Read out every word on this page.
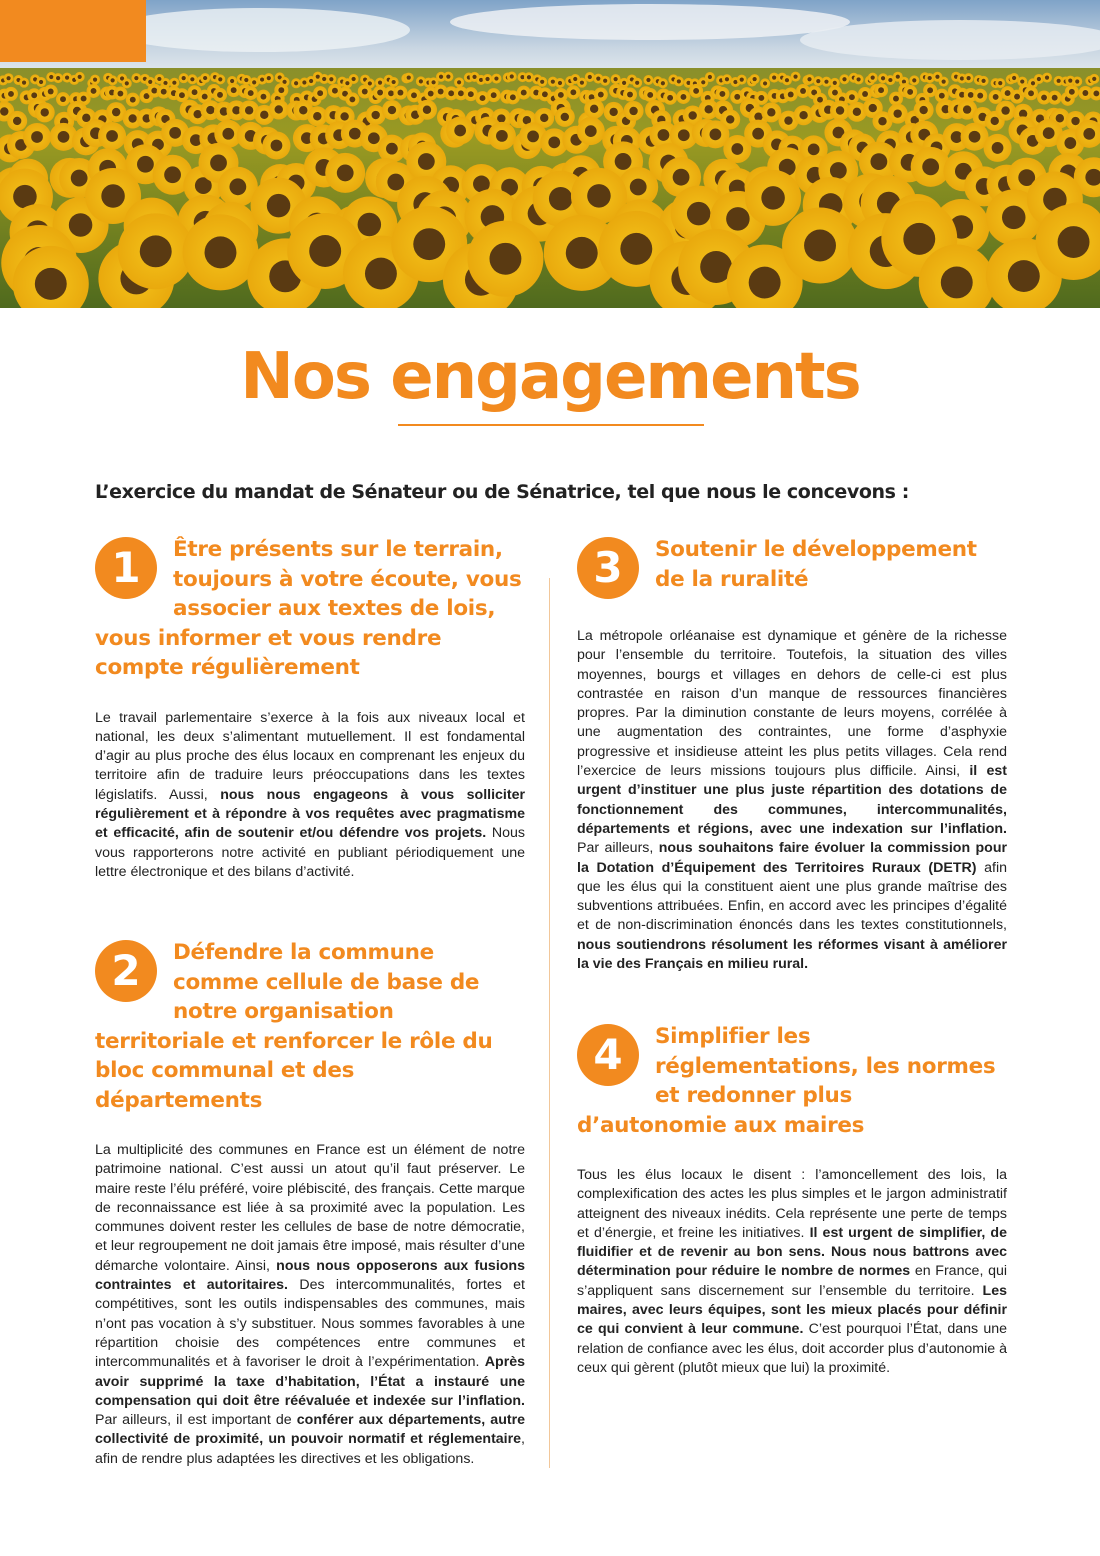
Nos engagements

L’exercice du mandat de Sénateur ou de Sénatrice, tel que nous le concevons :

1	Être présents sur le terrain, toujours à votre écoute, vous associer aux textes de lois, vous informer et vous rendre compte régulièrement

Le travail parlementaire s’exerce à la fois aux niveaux local et national, les deux s’alimentant mutuellement. Il est fondamental d’agir au plus proche des élus locaux en comprenant les enjeux du territoire afin de traduire leurs préoccupations dans les textes législatifs. Aussi, nous nous engageons à vous solliciter régulièrement et à répondre à vos requêtes avec pragmatisme et efficacité, afin de soutenir et/ou défendre vos projets. Nous vous rapporterons notre activité en publiant périodiquement une lettre électronique et des bilans d’activité.

2	Défendre la commune comme cellule de base de notre organisation territoriale et renforcer le rôle du bloc communal et des départements

La multiplicité des communes en France est un élément de notre patrimoine national. C’est aussi un atout qu’il faut préserver. Le maire reste l’élu préféré, voire plébiscité, des français. Cette marque de reconnaissance est liée à sa proximité avec la population. Les communes doivent rester les cellules de base de notre démocratie, et leur regroupement ne doit jamais être imposé, mais résulter d’une démarche volontaire. Ainsi, nous nous opposerons aux fusions contraintes et autoritaires. Des intercommunalités, fortes et compétitives, sont les outils indispensables des communes, mais n’ont pas vocation à s’y substituer. Nous sommes favorables à une répartition choisie des compétences entre communes et intercommunalités et à favoriser le droit à l’expérimentation. Après avoir supprimé la taxe d’habitation, l’État a instauré une compensation qui doit être réévaluée et indexée sur l’inflation. Par ailleurs, il est important de conférer aux départements, autre collectivité de proximité, un pouvoir normatif et réglementaire, afin de rendre plus adaptées les directives et les obligations.

3	Soutenir le développement de la ruralité

La métropole orléanaise est dynamique et génère de la richesse pour l’ensemble du territoire. Toutefois, la situation des villes moyennes, bourgs et villages en dehors de celle-ci est plus contrastée en raison d’un manque de ressources financières propres. Par la diminution constante de leurs moyens, corrélée à une augmentation des contraintes, une forme d’asphyxie progressive et insidieuse atteint les plus petits villages. Cela rend l’exercice de leurs missions toujours plus difficile. Ainsi, il est urgent d’instituer une plus juste répartition des dotations de fonctionnement des communes, intercommunalités, départements et régions, avec une indexation sur l’inflation. Par ailleurs, nous souhaitons faire évoluer la commission pour la Dotation d’Équipement des Territoires Ruraux (DETR) afin que les élus qui la constituent aient une plus grande maîtrise des subventions attribuées. Enfin, en accord avec les principes d’égalité et de non-discrimination énoncés dans les textes constitutionnels, nous soutiendrons résolument les réformes visant à améliorer la vie des Français en milieu rural.

4	Simplifier les réglementations, les normes et redonner plus d’autonomie aux maires

Tous les élus locaux le disent : l’amoncellement des lois, la complexification des actes les plus simples et le jargon administratif atteignent des niveaux inédits. Cela représente une perte de temps et d’énergie, et freine les initiatives. Il est urgent de simplifier, de fluidifier et de revenir au bon sens. Nous nous battrons avec détermination pour réduire le nombre de normes en France, qui s’appliquent sans discernement sur l’ensemble du territoire. Les maires, avec leurs équipes, sont les mieux placés pour définir ce qui convient à leur commune. C’est pourquoi l’État, dans une relation de confiance avec les élus, doit accorder plus d’autonomie à ceux qui gèrent (plutôt mieux que lui) la proximité.
